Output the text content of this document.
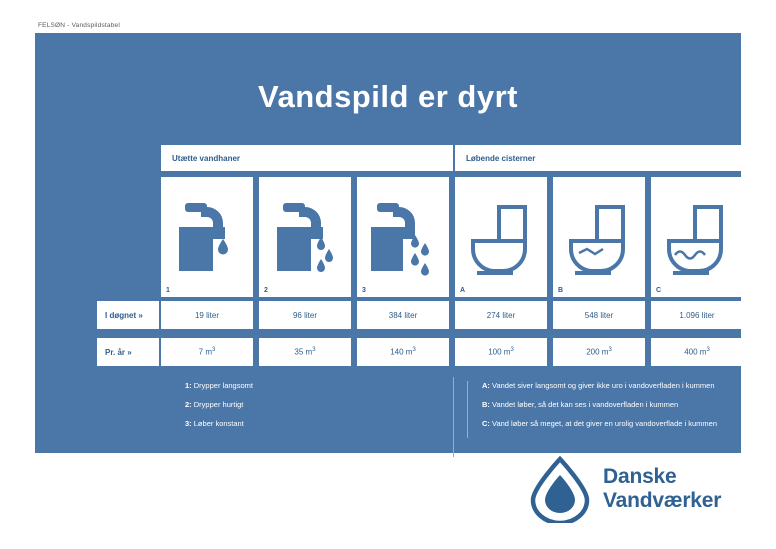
FELSØN - Vandspildstabel
Vandspild er dyrt
Utætte vandhaner	Løbende cisterner
1	2	3	A	B	C
I døgnet »	19 liter	96 liter	384 liter	274 liter	548 liter	1.096 liter
Pr. år »	7 $m^3$	35 $m^3$	140 $m^3$	100 $m^3$	200 $m^3$	400 $m^3$
1: Drypper langsomt
2: Drypper hurtigt
3: Løber konstant
A: Vandet siver langsomt og giver ikke uro i vandoverfladen i kummen
B: Vandet løber, så det kan ses i vandoverfladen i kummen
C: Vand løber så meget, at det giver en urolig vandoverflade i kummen
Danske
Vandværker
